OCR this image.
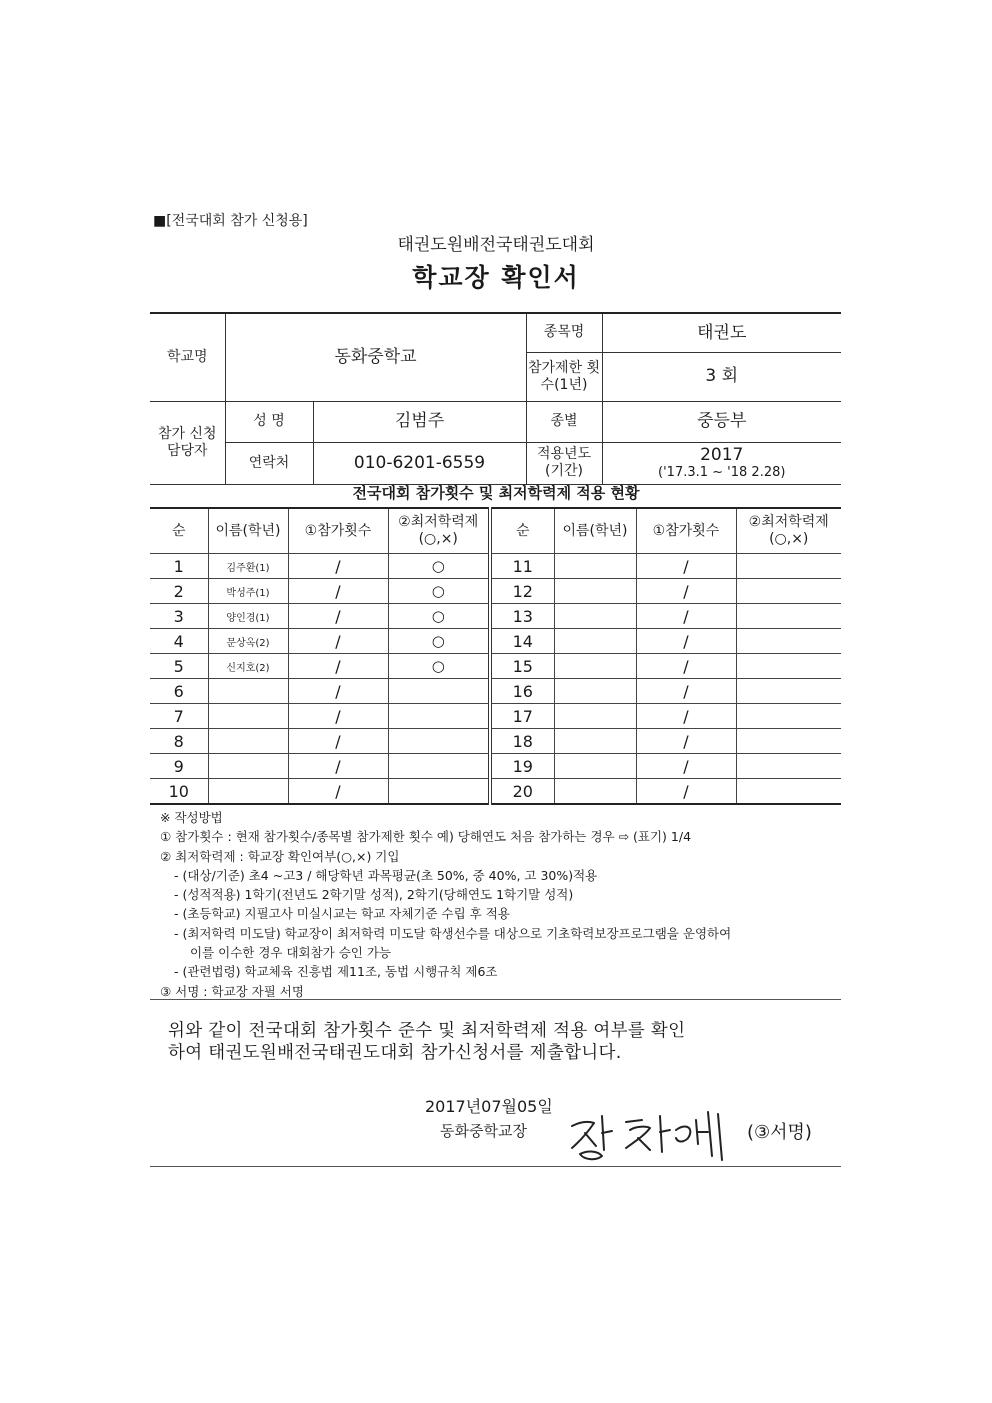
■[전국대회 참가 신청용]
태권도원배전국태권도대회
학교장 확인서
학교명	동화중학교		종목명	태권도
			참가제한 횟수(1년)	3 회
참가 신청 담당자	성 명	김범주	종별	중등부
	연락처	010-6201-6559	적용년도 (기간)	2017
('17.3.1 ~ '18 2.28)
전국대회 참가횟수 및 최저학력제 적용 현황
순	이름(학년)	①참가횟수	②최저학력제 (○,×)	순	이름(학년)	①참가횟수	②최저학력제 (○,×)
1	김주환(1)	/	○	11		/	
2	박성주(1)	/	○	12		/	
3	양인경(1)	/	○	13		/	
4	문상옥(2)	/	○	14		/	
5	신지호(2)	/	○	15		/	
6		/		16		/	
7		/		17		/	
8		/		18		/	
9		/		19		/	
10		/		20		/	
※ 작성방법
① 참가횟수 : 현재 참가횟수/종목별 참가제한 횟수 예) 당해연도 처음 참가하는 경우 ⇨ (표기) 1/4
② 최저학력제 : 학교장 확인여부(○,×) 기입
- (대상/기준) 초4 ~고3 / 해당학년 과목평균(초 50%, 중 40%, 고 30%)적용
- (성적적용) 1학기(전년도 2학기말 성적), 2학기(당해연도 1학기말 성적)
- (초등학교) 지필고사 미실시교는 학교 자체기준 수립 후 적용
- (최저학력 미도달) 학교장이 최저학력 미도달 학생선수를 대상으로 기초학력보장프로그램을 운영하여
이를 이수한 경우 대회참가 승인 가능
- (관련법령) 학교체육 진흥법 제11조, 동법 시행규칙 제6조
③ 서명 : 학교장 자필 서명
위와 같이 전국대회 참가횟수 준수 및 최저학력제 적용 여부를 확인
하여 태권도원배전국태권도대회 참가신청서를 제출합니다.
2017년07월05일
동화중학교장	(③서명)
